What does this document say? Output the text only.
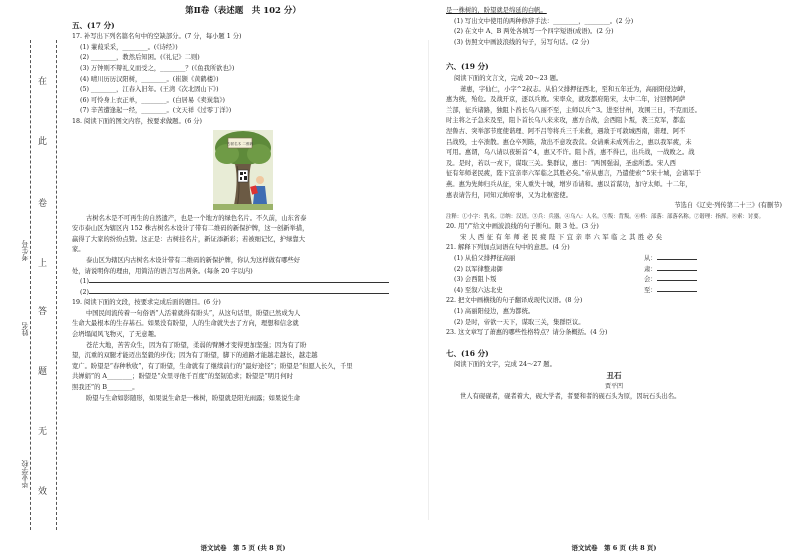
在
此
卷
上
答
题
无
效
考生号
姓名
毕业学校
第Ⅱ卷（表述题　共 102 分）
五、(17 分)
17. 补写出下列名篇名句中的空缺部分。(7 分，每小题 1 分)
(1) 蒹葭采采，________。(《诗经》)
(2) ________，教然后知困。(《礼记》二则)
(3) 万钟则不辩礼义而受之，________？(《鱼我所欲也》)
(4) 晴川历历汉阳树，________。(崔颢《黄鹤楼》)
(5) ________，江春入旧年。(王湾《次北固山下》)
(6) 可怜身上衣正单，________。(白居易《卖炭翁》)
(7) 辛苦遭逢起一经，________。(文天祥《过零丁洋》)
18. 阅读下面的图文内容，按要求做题。(6 分)
古树名木 二维码
古树名木是不可再生的自然遗产，也是一个地方的绿色名片。不久前，山东省泰
安市泰山区为辖区内 152 株古树名木设计了带有二维码的新保护牌，这一创新举措，
赢得了大家的纷纷点赞。这正是：古树挂名片，新证添新彩；若被细记忆，护绿靠大
家。
泰山区为辖区内古树名木设计带有二维码的新保护牌，你认为这样做有哪些好
处，请说明你的理由，用简洁的语言写出两条。(每条 20 字以内)
(1)
(2)
19. 阅读下面的文段，按要求完成后面的题目。(6 分)
中国民间流传着一句俗语“人活着就得有盼头”，从这句话里，盼望已然成为人
生命大最根本的生存基石。如果没有盼望，人的生命就失去了方向，理想和信念就
会坍塌闻风飞物灭，了无意趣。
苍茫大地，苦苦众生，因为有了盼望，柔弱的臂膊才变得更加坚强；因为有了盼
望，沉重的双腿才能迈出坚毅的步伐；因为有了盼望，脚下的道路才能越走越长，越走越
宽广。盼望是“春种秋收”，有了盼望，生命就有了继续前行的“最好途径”；盼望是“但愿人长久，千里
共婵娟”的 A________；盼望是“众里寻他千百度”的坚韧追求；盼望是“明月何时
照我还”的 B________。
盼望与生命如影随形，如果说生命是一株树，盼望就是阳光雨露；如果说生命
语文试卷　第 5 页 (共 8 页)
是一株树的，盼望就是绵延的白帆。
(1) 写出文中使用的两种修辞手法：________，________。(2 分)
(2) 在文中 A、B 两处各填写一个四字短语(成语)。(2 分)
(3) 仿照文中画波浪线的句子，另写句话。(2 分)
六、(19 分)
阅读下面的文言文，完成 20～23 题。
萧惠，字仙仁，小字^2叔志。从伯父排押征西北，至和五年迁为，高丽阳侵边衅，
惠为统，殆危。及战开京，逐以兵败。宋率众，就攻都府陷宋，太中二年，讨回鹘阿萨
兰部，征兵诸路，独阻卜酋长乌八丽不至，主师以兵^3。进至甘州，攻围三日，不克而还。
时主将之子急来及至，阻卜首长乌八来来攻，惠方合战，会西阻卜叛，袭三克军，都监
涅鲁古、突举部节度使谐理、阿不吕等将兵三千来救，遇敌于可敦城西南，谐理、阿不
吕战殁，士卒溃散。惠仓卒列陈，敌出不意攻我营。众请乘未成列击之，惠以我军疲，未
可用。惠谓，乌八请以夜斩首^4，惠又不许。阻卜酋，惠不得已，出兵战，一战败之。战
及。是时，若以一戎下，谋取三关。集群议，惠曰：“两国强弱，圣虑所悉。宋人西
征有年师老民疲，陛下宜亲率六军临之其胜必矣。”帝从惠言，乃遣使索^5宋十城，会诸军于
燕。惠为先帅归兵从征，宋人重失十城，增岁币请和。惠以首谋功，加守太师。十二年，
惠表请告归，同知元帅府事，又为北枢密使。
节选自《辽史·列传第二十三》(有删节)
注释：①小字：乳名。②纳：汉语。③兵：兵器。④乌八：人名。⑤叛：背叛。⑥桥：部落：部落名称。⑦谐理：指挥。⑧索：讨要。
20. 用“/”给文中画波浪线的句子断句。限 3 处。(3 分)
宋 人 西 征 有 年 师 老 民 疲 陛 下 宜 亲 率 六 军 临 之 其 胜 必 矣
21. 解释下列加点词语在句中的意思。(4 分)
(1) 从伯父排押征高丽	从：
(2) 以军律整肃御	肃：
(3) 会西阻卜叛	会：
(4) 至叙六达北史	至：
22. 把文中画横线的句子翻译成现代汉语。(8 分)
(1) 高丽阳侵边，惠为都统。
(2) 是时，帝欲一天下，谋取三关，集群臣议。
23. 这文章写了萧惠的哪些性格特点？请分条概括。(4 分)
七、(16 分)
阅读下面的文字，完成 24～27 题。
丑石
贾平凹
世人有砚砚者，砚者着大，砚大学者，者要和者的砚石头为原，因玩石头出名。
语文试卷　第 6 页 (共 8 页)
